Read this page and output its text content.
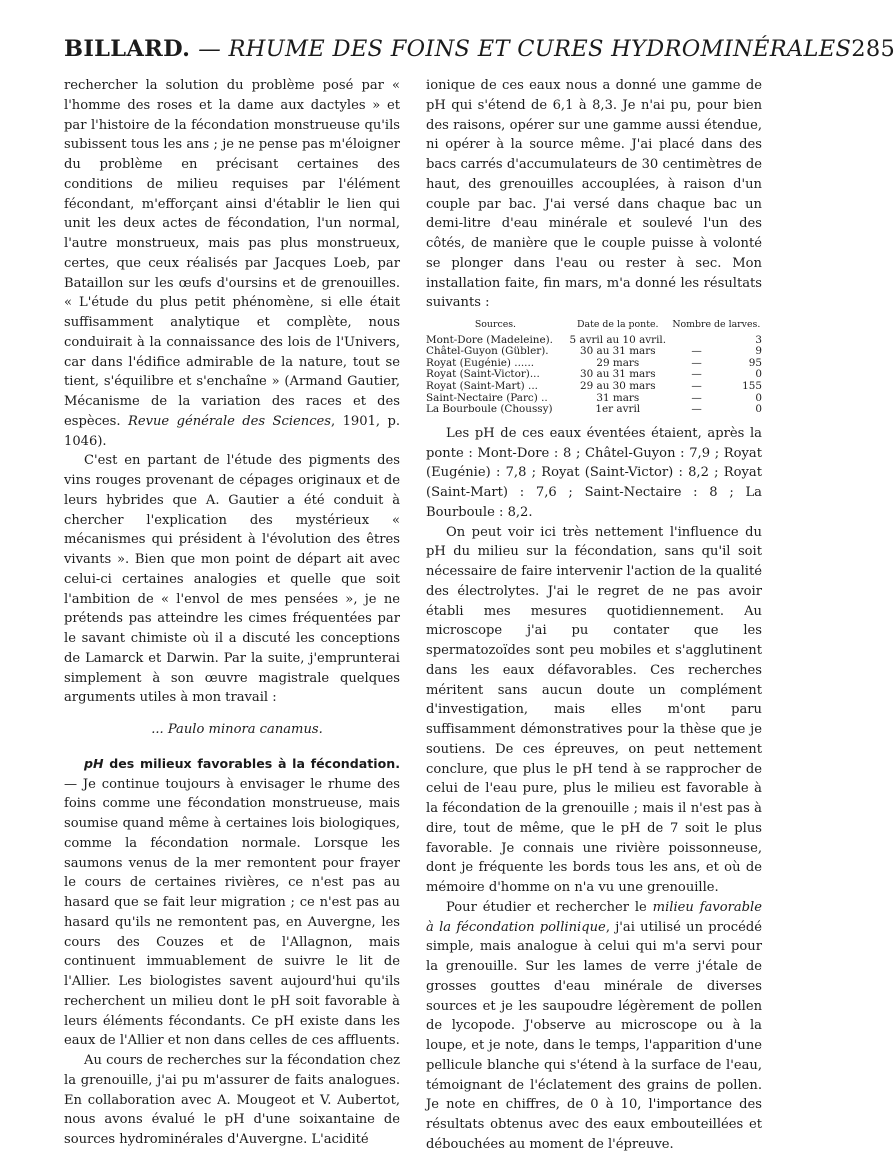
BILLARD. — RHUME DES FOINS ET CURES HYDROMINÉRALES 285

rechercher la solution du problème posé par « l'homme des roses et la dame aux dactyles » et par l'histoire de la fécondation monstrueuse qu'ils subissent tous les ans ; je ne pense pas m'éloigner du problème en précisant certaines des conditions de milieu requises par l'élément fécondant, m'efforçant ainsi d'établir le lien qui unit les deux actes de fécondation, l'un normal, l'autre monstrueux, mais pas plus monstrueux, certes, que ceux réalisés par Jacques Loeb, par Bataillon sur les œufs d'oursins et de grenouilles. « L'étude du plus petit phénomène, si elle était suffisamment analytique et complète, nous conduirait à la connaissance des lois de l'Univers, car dans l'édifice admirable de la nature, tout se tient, s'équilibre et s'enchaîne » (Armand Gautier, Mécanisme de la variation des races et des espèces. Revue générale des Sciences, 1901, p. 1046).

C'est en partant de l'étude des pigments des vins rouges provenant de cépages originaux et de leurs hybrides que A. Gautier a été conduit à chercher l'explication des mystérieux « mécanismes qui président à l'évolution des êtres vivants ». Bien que mon point de départ ait avec celui-ci certaines analogies et quelle que soit l'ambition de « l'envol de mes pensées », je ne prétends pas atteindre les cimes fréquentées par le savant chimiste où il a discuté les conceptions de Lamarck et Darwin. Par la suite, j'emprunterai simplement à son œuvre magistrale quelques arguments utiles à mon travail :

... Paulo minora canamus.

pH des milieux favorables à la fécondation. — Je continue toujours à envisager le rhume des foins comme une fécondation monstrueuse, mais soumise quand même à certaines lois biologiques, comme la fécondation normale. Lorsque les saumons venus de la mer remontent pour frayer le cours de certaines rivières, ce n'est pas au hasard que se fait leur migration ; ce n'est pas au hasard qu'ils ne remontent pas, en Auvergne, les cours des Couzes et de l'Allagnon, mais continuent immuablement de suivre le lit de l'Allier. Les biologistes savent aujourd'hui qu'ils recherchent un milieu dont le pH soit favorable à leurs éléments fécondants. Ce pH existe dans les eaux de l'Allier et non dans celles de ces affluents.

Au cours de recherches sur la fécondation chez la grenouille, j'ai pu m'assurer de faits analogues. En collaboration avec A. Mougeot et V. Aubertot, nous avons évalué le pH d'une soixantaine de sources hydrominérales d'Auvergne. L'acidité

ionique de ces eaux nous a donné une gamme de pH qui s'étend de 6,1 à 8,3. Je n'ai pu, pour bien des raisons, opérer sur une gamme aussi étendue, ni opérer à la source même. J'ai placé dans des bacs carrés d'accumulateurs de 30 centimètres de haut, des grenouilles accouplées, à raison d'un couple par bac. J'ai versé dans chaque bac un demi-litre d'eau minérale et soulevé l'un des côtés, de manière que le couple puisse à volonté se plonger dans l'eau ou rester à sec. Mon installation faite, fin mars, m'a donné les résultats suivants :

Sources.	Date de la ponte.	Nombre de larves.	
Mont-Dore (Madeleine).	5 avril au 10 avril.		3
Châtel-Guyon (Gübler).	30 au 31 mars	—	9
Royat (Eugénie) ......	29 mars	—	95
Royat (Saint-Victor)...	30 au 31 mars	—	0
Royat (Saint-Mart) ...	29 au 30 mars	—	155
Saint-Nectaire (Parc) ..	31 mars	—	0
La Bourboule (Choussy)	1er avril	—	0

Les pH de ces eaux éventées étaient, après la ponte : Mont-Dore : 8 ; Châtel-Guyon : 7,9 ; Royat (Eugénie) : 7,8 ; Royat (Saint-Victor) : 8,2 ; Royat (Saint-Mart) : 7,6 ; Saint-Nectaire : 8 ; La Bourboule : 8,2.

On peut voir ici très nettement l'influence du pH du milieu sur la fécondation, sans qu'il soit nécessaire de faire intervenir l'action de la qualité des électrolytes. J'ai le regret de ne pas avoir établi mes mesures quotidiennement. Au microscope j'ai pu contater que les spermatozoïdes sont peu mobiles et s'agglutinent dans les eaux défavorables. Ces recherches méritent sans aucun doute un complément d'investigation, mais elles m'ont paru suffisamment démonstratives pour la thèse que je soutiens. De ces épreuves, on peut nettement conclure, que plus le pH tend à se rapprocher de celui de l'eau pure, plus le milieu est favorable à la fécondation de la grenouille ; mais il n'est pas à dire, tout de même, que le pH de 7 soit le plus favorable. Je connais une rivière poissonneuse, dont je fréquente les bords tous les ans, et où de mémoire d'homme on n'a vu une grenouille.

Pour étudier et rechercher le milieu favorable à la fécondation pollinique, j'ai utilisé un procédé simple, mais analogue à celui qui m'a servi pour la grenouille. Sur les lames de verre j'étale de grosses gouttes d'eau minérale de diverses sources et je les saupoudre légèrement de pollen de lycopode. J'observe au microscope ou à la loupe, et je note, dans le temps, l'apparition d'une pellicule blanche qui s'étend à la surface de l'eau, témoignant de l'éclatement des grains de pollen. Je note en chiffres, de 0 à 10, l'importance des résultats obtenus avec des eaux embouteillées et débouchées au moment de l'épreuve.
